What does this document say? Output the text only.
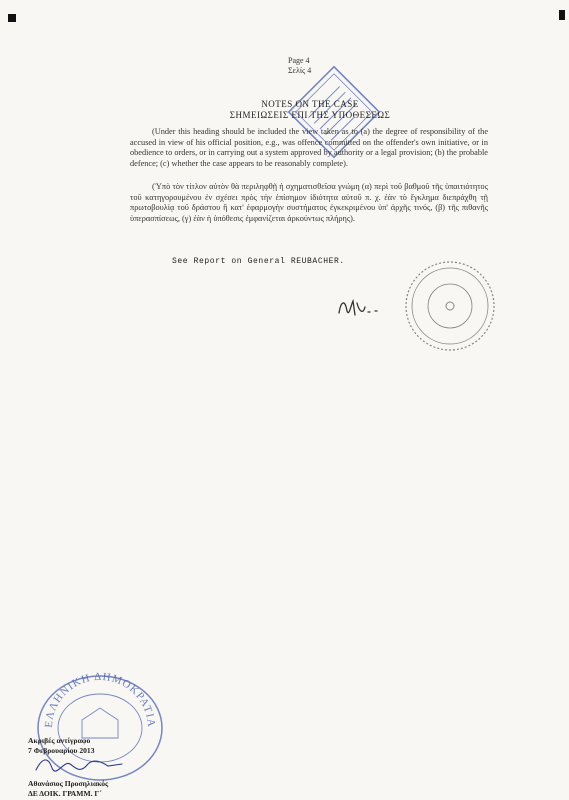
Page 4
Σελίς 4
NOTES ON THE CASE
ΣΗΜΕΙΩΣΕΙΣ ΕΠΙ ΤΗΣ ΥΠΟΘΕΣΕΩΣ
(Under this heading should be included the view taken as to (a) the degree of responsibility of the accused in view of his official position, e.g., was offence committed on the offender's own initiative, or in obedience to orders, or in carrying out a system approved by authority or a legal provision; (b) the probable defence; (c) whether the case appears to be reasonably complete).
(Ὑπὸ τὸν τίτλον αὐτὸν θὰ περιληφθῇ ἡ σχηματισθεῖσα γνώμη (α) περὶ τοῦ βαθμοῦ τῆς ὑπαιτιότητος τοῦ κατηγορουμένου ἐν σχέσει πρὸς τὴν ἐπίσημον ἰδιότητα αὐτοῦ π. χ. ἐὰν τὸ ἔγκλημα διεπράχθη τῇ πρωτοβουλίᾳ τοῦ δράστου ἢ κατ' ἐφαρμογὴν συστήματος ἐγκεκριμένου ὑπ' ἀρχῆς τινός, (β) τῆς πιθανῆς ὑπερασπίσεως, (γ) ἐὰν ἡ ὑπόθεσις ἐμφανίζεται ἀρκούντως πλήρης).
See Report on General REUBACHER.
ΕΛΛΗΝΙΚΗ ΔΗΜΟΚΡΑΤΙΑ
Ακριβές αντίγραφο
7 Φεβρουαρίου 2013
Αθανάσιος Προσηλιακός
ΔΕ ΔΟΙΚ. ΓΡΑΜΜ. Γ΄
